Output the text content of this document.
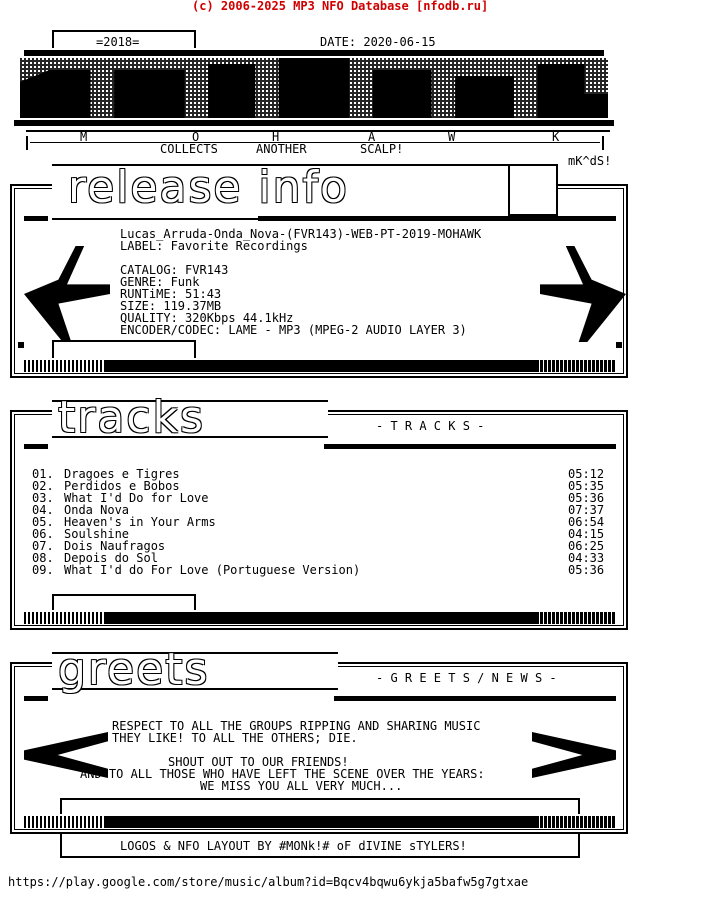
(c) 2006-2025 MP3 NFO Database [nfodb.ru]
=2018=	DATE: 2020-06-15
M	O	H	A	W	K
COLLECTS	ANOTHER	SCALP!
mK^dS!
release info
Lucas_Arruda-Onda_Nova-(FVR143)-WEB-PT-2019-MOHAWK
LABEL: Favorite Recordings
CATALOG: FVR143
GENRE: Funk
RUNTiME: 51:43
SIZE: 119.37MB
QUALITY: 320Kbps 44.1kHz
ENCODER/CODEC: LAME - MP3 (MPEG-2 AUDIO LAYER 3)
tracks	- T R A C K S -
01. Dragoes e Tigres	05:12
02. Perdidos e Bobos	05:35
03. What I'd Do for Love	05:36
04. Onda Nova	07:37
05. Heaven's in Your Arms	06:54
06. Soulshine	04:15
07. Dois Naufragos	06:25
08. Depois do Sol	04:33
09. What I'd do For Love (Portuguese Version)	05:36
greets	- G R E E T S / N E W S -
RESPECT TO ALL THE GROUPS RIPPING AND SHARING MUSIC
THEY LIKE! TO ALL THE OTHERS; DIE.
SHOUT OUT TO OUR FRIENDS!
AND TO ALL THOSE WHO HAVE LEFT THE SCENE OVER THE YEARS:
WE MISS YOU ALL VERY MUCH...
LOGOS & NFO LAYOUT BY #MONk!# oF dIVINE sTYLERS!
https://play.google.com/store/music/album?id=Bqcv4bqwu6ykja5bafw5g7gtxae
